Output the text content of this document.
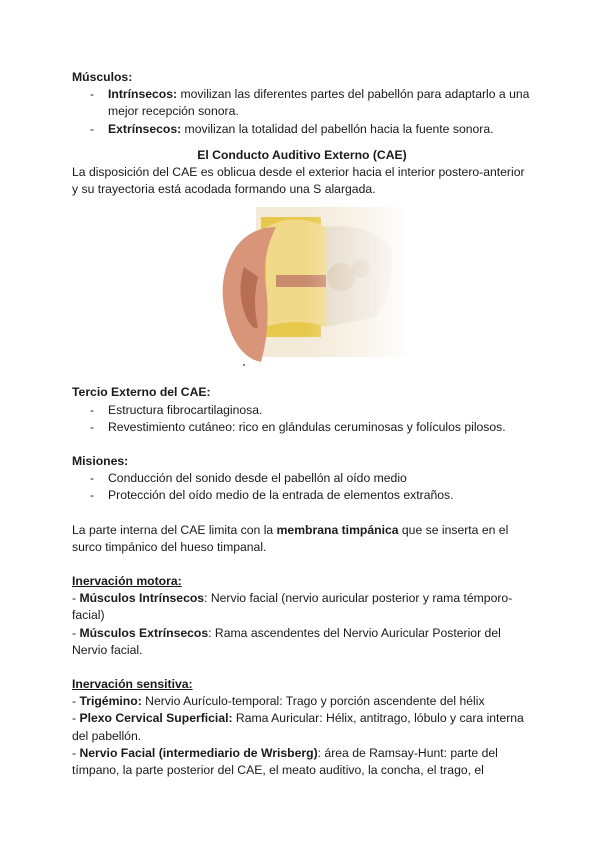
Músculos:

- Intrínsecos: movilizan las diferentes partes del pabellón para adaptarlo a una mejor recepción sonora.
- Extrínsecos: movilizan la totalidad del pabellón hacia la fuente sonora.

El Conducto Auditivo Externo (CAE)

La disposición del CAE es oblicua desde el exterior hacia el interior postero-anterior y su trayectoria está acodada formando una S alargada.

Tercio Externo del CAE:

- Estructura fibrocartilaginosa.
- Revestimiento cutáneo: rico en glándulas ceruminosas y folículos pilosos.

Misiones:

- Conducción del sonido desde el pabellón al oído medio
- Protección del oído medio de la entrada de elementos extraños.

La parte interna del CAE limita con la membrana timpánica que se inserta en el surco timpánico del hueso timpanal.

Inervación motora:

- Músculos Intrínsecos: Nervio facial (nervio auricular posterior y rama témporo-facial)

- Músculos Extrínsecos: Rama ascendentes del Nervio Auricular Posterior del Nervio facial.

Inervación sensitiva:

- Trigémino: Nervio Aurículo-temporal: Trago y porción ascendente del hélix

- Plexo Cervical Superficial: Rama Auricular: Hélix, antitrago, lóbulo y cara interna del pabellón.

- Nervio Facial (intermediario de Wrisberg): área de Ramsay-Hunt: parte del tímpano, la parte posterior del CAE, el meato auditivo, la concha, el trago, el
